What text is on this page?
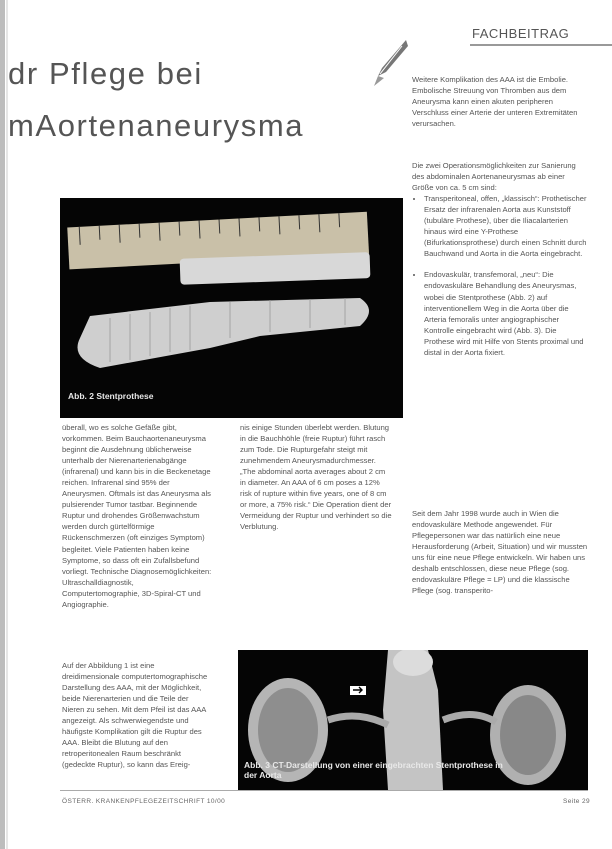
FACHBEITRAG
dr Pflege bei
mAortenaneurysma

Weitere Komplikation des AAA ist die Embolie. Embolische Streuung von Thromben aus dem Aneurysma kann einen akuten peripheren Verschluss einer Arterie der unteren Extremitäten verursachen.

Die zwei Operationsmöglichkeiten zur Sanierung des abdominalen Aortenaneurysmas ab einer Größe von ca. 5 cm sind:

• Transperitoneal, offen, „klassisch“: Prothetischer Ersatz der infrarenalen Aorta aus Kunststoff (tubuläre Prothese), über die Iliacalarterien hinaus wird eine Y-Prothese (Bifurkationsprothese) durch einen Schnitt durch Bauchwand und Aorta in die Aorta eingebracht.
• Endovaskulär, transfemoral, „neu“: Die endovaskuläre Behandlung des Aneurysmas, wobei die Stentprothese (Abb. 2) auf interventionellem Weg in die Aorta über die Arteria femoralis unter angiographischer Kontrolle eingebracht wird (Abb. 3). Die Prothese wird mit Hilfe von Stents proximal und distal in der Aorta fixiert.

Seit dem Jahr 1998 wurde auch in Wien die endovaskuläre Methode angewendet. Für Pflegepersonen war das natürlich eine neue Herausforderung (Arbeit, Situation) und wir mussten uns für eine neue Pflege entwickeln. Wir haben uns deshalb entschlossen, diese neue Pflege (sog. endovaskuläre Pflege = LP) und die klassische Pflege (sog. transperito-

Abb. 2 Stentprothese

überall, wo es solche Gefäße gibt, vorkommen. Beim Bauchaortenaneurysma beginnt die Ausdehnung üblicherweise unterhalb der Nierenarterienabgänge (infrarenal) und kann bis in die Beckenetage reichen. Infrarenal sind 95% der Aneurysmen. Oftmals ist das Aneurysma als pulsierender Tumor tastbar. Beginnende Ruptur und drohendes Größenwachstum werden durch gürtelförmige Rückenschmerzen (oft einziges Symptom) begleitet. Viele Patienten haben keine Symptome, so dass oft ein Zufallsbefund vorliegt. Technische Diagnosemöglichkeiten: Ultraschalldiagnostik, Computertomographie, 3D-Spiral-CT und Angiographie.

Auf der Abbildung 1 ist eine dreidimensionale computertomographische Darstellung des AAA, mit der Möglichkeit, beide Nierenarterien und die Teile der Nieren zu sehen. Mit dem Pfeil ist das AAA angezeigt. Als schwerwiegendste und häufigste Komplikation gilt die Ruptur des AAA. Bleibt die Blutung auf den retroperitonealen Raum beschränkt (gedeckte Ruptur), so kann das Ereig-

nis einige Stunden überlebt werden. Blutung in die Bauchhöhle (freie Ruptur) führt rasch zum Tode. Die Rupturgefahr steigt mit zunehmendem Aneurysmadurchmesser. „The abdominal aorta averages about 2 cm in diameter. An AAA of 6 cm poses a 12% risk of rupture within five years, one of 8 cm or more, a 75% risk.“ Die Operation dient der Vermeidung der Ruptur und verhindert so die Verblutung.

Abb. 3 CT-Darstellung von einer eingebrachten Stentprothese in der Aorta
ÖSTERR. KRANKENPFLEGEZEITSCHRIFT 10/00	Seite 29
